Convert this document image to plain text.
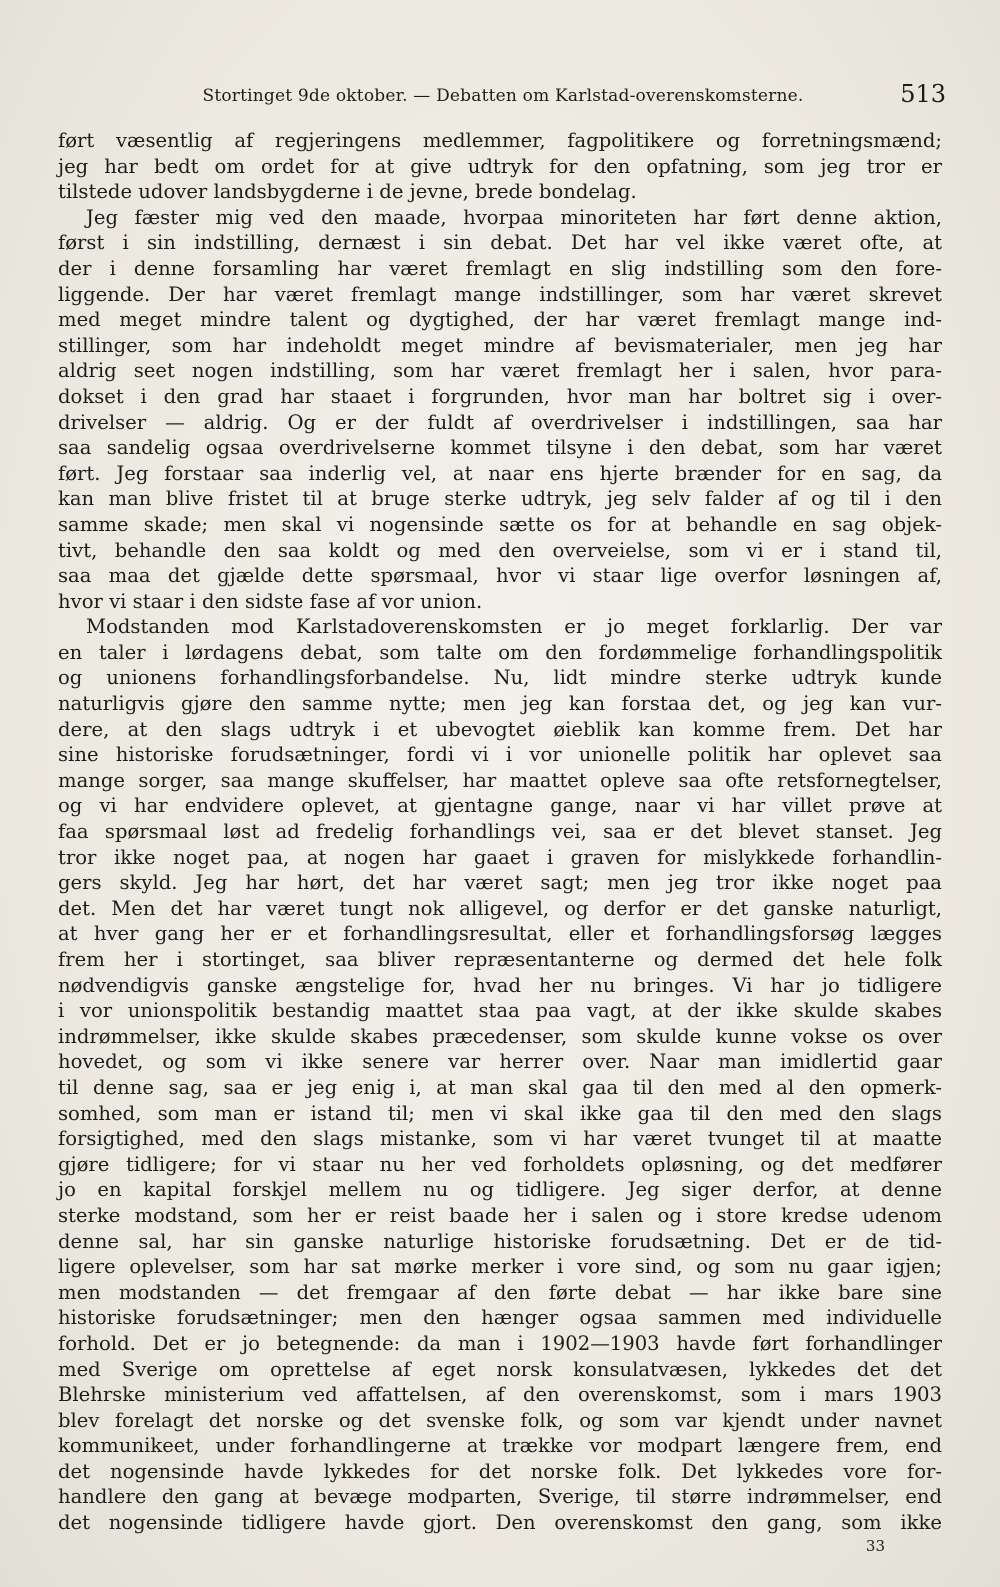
Stortinget 9de oktober. — Debatten om Karlstad-overenskomsterne.	513
ført væsentlig af regjeringens medlemmer, fagpolitikere og forretningsmænd;
jeg har bedt om ordet for at give udtryk for den opfatning, som jeg tror er
tilstede udover landsbygderne i de jevne, brede bondelag.
Jeg fæster mig ved den maade, hvorpaa minoriteten har ført denne aktion,
først i sin indstilling, dernæst i sin debat. Det har vel ikke været ofte, at
der i denne forsamling har været fremlagt en slig indstilling som den fore-
liggende. Der har været fremlagt mange indstillinger, som har været skrevet
med meget mindre talent og dygtighed, der har været fremlagt mange ind-
stillinger, som har indeholdt meget mindre af bevismaterialer, men jeg har
aldrig seet nogen indstilling, som har været fremlagt her i salen, hvor para-
dokset i den grad har staaet i forgrunden, hvor man har boltret sig i over-
drivelser — aldrig. Og er der fuldt af overdrivelser i indstillingen, saa har
saa sandelig ogsaa overdrivelserne kommet tilsyne i den debat, som har været
ført. Jeg forstaar saa inderlig vel, at naar ens hjerte brænder for en sag, da
kan man blive fristet til at bruge sterke udtryk, jeg selv falder af og til i den
samme skade; men skal vi nogensinde sætte os for at behandle en sag objek-
tivt, behandle den saa koldt og med den overveielse, som vi er i stand til,
saa maa det gjælde dette spørsmaal, hvor vi staar lige overfor løsningen af,
hvor vi staar i den sidste fase af vor union.
Modstanden mod Karlstadoverenskomsten er jo meget forklarlig. Der var
en taler i lørdagens debat, som talte om den fordømmelige forhandlingspolitik
og unionens forhandlingsforbandelse. Nu, lidt mindre sterke udtryk kunde
naturligvis gjøre den samme nytte; men jeg kan forstaa det, og jeg kan vur-
dere, at den slags udtryk i et ubevogtet øieblik kan komme frem. Det har
sine historiske forudsætninger, fordi vi i vor unionelle politik har oplevet saa
mange sorger, saa mange skuffelser, har maattet opleve saa ofte retsfornegtelser,
og vi har endvidere oplevet, at gjentagne gange, naar vi har villet prøve at
faa spørsmaal løst ad fredelig forhandlings vei, saa er det blevet stanset. Jeg
tror ikke noget paa, at nogen har gaaet i graven for mislykkede forhandlin-
gers skyld. Jeg har hørt, det har været sagt; men jeg tror ikke noget paa
det. Men det har været tungt nok alligevel, og derfor er det ganske naturligt,
at hver gang her er et forhandlingsresultat, eller et forhandlingsforsøg lægges
frem her i stortinget, saa bliver repræsentanterne og dermed det hele folk
nødvendigvis ganske ængstelige for, hvad her nu bringes. Vi har jo tidligere
i vor unionspolitik bestandig maattet staa paa vagt, at der ikke skulde skabes
indrømmelser, ikke skulde skabes præcedenser, som skulde kunne vokse os over
hovedet, og som vi ikke senere var herrer over. Naar man imidlertid gaar
til denne sag, saa er jeg enig i, at man skal gaa til den med al den opmerk-
somhed, som man er istand til; men vi skal ikke gaa til den med den slags
forsigtighed, med den slags mistanke, som vi har været tvunget til at maatte
gjøre tidligere; for vi staar nu her ved forholdets opløsning, og det medfører
jo en kapital forskjel mellem nu og tidligere. Jeg siger derfor, at denne
sterke modstand, som her er reist baade her i salen og i store kredse udenom
denne sal, har sin ganske naturlige historiske forudsætning. Det er de tid-
ligere oplevelser, som har sat mørke merker i vore sind, og som nu gaar igjen;
men modstanden — det fremgaar af den førte debat — har ikke bare sine
historiske forudsætninger; men den hænger ogsaa sammen med individuelle
forhold. Det er jo betegnende: da man i 1902—1903 havde ført forhandlinger
med Sverige om oprettelse af eget norsk konsulatvæsen, lykkedes det det
Blehrske ministerium ved affattelsen, af den overenskomst, som i mars 1903
blev forelagt det norske og det svenske folk, og som var kjendt under navnet
kommunikeet, under forhandlingerne at trække vor modpart længere frem, end
det nogensinde havde lykkedes for det norske folk. Det lykkedes vore for-
handlere den gang at bevæge modparten, Sverige, til større indrømmelser, end
det nogensinde tidligere havde gjort. Den overenskomst den gang, som ikke
33
